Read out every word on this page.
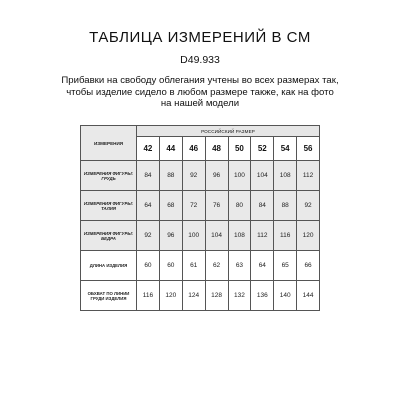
ТАБЛИЦА ИЗМЕРЕНИЙ В СМ
D49.933
Прибавки на свободу облегания учтены во всех размерах так, чтобы изделие сидело в любом размере также, как на фото на нашей модели
ИЗМЕРЕНИЯ	РОССИЙСКИЙ РАЗМЕР							
	42	44	46	48	50	52	54	56
ИЗМЕРЕНИЯ ФИГУРЫ: ГРУДЬ	84	88	92	96	100	104	108	112
ИЗМЕРЕНИЯ ФИГУРЫ: ТАЛИЯ	64	68	72	76	80	84	88	92
ИЗМЕРЕНИЯ ФИГУРЫ: БЕДРА	92	96	100	104	108	112	116	120
ДЛИНА ИЗДЕЛИЯ	60	60	61	62	63	64	65	66
ОБХВАТ ПО ЛИНИИ ГРУДИ ИЗДЕЛИЯ	116	120	124	128	132	136	140	144
